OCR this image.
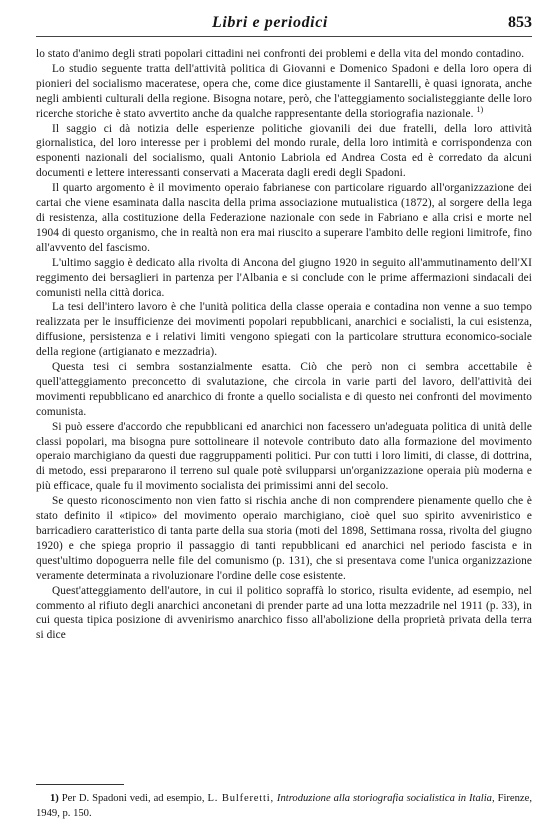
Libri e periodici	853

lo stato d'animo degli strati popolari cittadini nei confronti dei problemi e della vita del mondo contadino.

Lo studio seguente tratta dell'attività politica di Giovanni e Domenico Spadoni e della loro opera di pionieri del socialismo maceratese, opera che, come dice giustamente il Santarelli, è quasi ignorata, anche negli ambienti culturali della regione. Bisogna notare, però, che l'atteggiamento socialisteggiante delle loro ricerche storiche è stato avvertito anche da qualche rappresentante della storiografia nazionale. $^{1)}$

Il saggio ci dà notizia delle esperienze politiche giovanili dei due fratelli, della loro attività giornalistica, del loro interesse per i problemi del mondo rurale, della loro intimità e corrispondenza con esponenti nazionali del socialismo, quali Antonio Labriola ed Andrea Costa ed è corredato da alcuni documenti e lettere interessanti conservati a Macerata dagli eredi degli Spadoni.

Il quarto argomento è il movimento operaio fabrianese con particolare riguardo all'organizzazione dei cartai che viene esaminata dalla nascita della prima associazione mutualistica (1872), al sorgere della lega di resistenza, alla costituzione della Federazione nazionale con sede in Fabriano e alla crisi e morte nel 1904 di questo organismo, che in realtà non era mai riuscito a superare l'ambito delle regioni limitrofe, fino all'avvento del fascismo.

L'ultimo saggio è dedicato alla rivolta di Ancona del giugno 1920 in seguito all'ammutinamento dell'XI reggimento dei bersaglieri in partenza per l'Albania e si conclude con le prime affermazioni sindacali dei comunisti nella città dorica.

La tesi dell'intero lavoro è che l'unità politica della classe operaia e contadina non venne a suo tempo realizzata per le insufficienze dei movimenti popolari repubblicani, anarchici e socialisti, la cui esistenza, diffusione, persistenza e i relativi limiti vengono spiegati con la particolare struttura economico-sociale della regione (artigianato e mezzadria).

Questa tesi ci sembra sostanzialmente esatta. Ciò che però non ci sembra accettabile è quell'atteggiamento preconcetto di svalutazione, che circola in varie parti del lavoro, dell'attività dei movimenti repubblicano ed anarchico di fronte a quello socialista e di questo nei confronti del movimento comunista.

Si può essere d'accordo che repubblicani ed anarchici non facessero un'adeguata politica di unità delle classi popolari, ma bisogna pure sottolineare il notevole contributo dato alla formazione del movimento operaio marchigiano da questi due raggruppamenti politici. Pur con tutti i loro limiti, di classe, di dottrina, di metodo, essi prepararono il terreno sul quale potè svilupparsi un'organizzazione operaia più moderna e più efficace, quale fu il movimento socialista dei primissimi anni del secolo.

Se questo riconoscimento non vien fatto si rischia anche di non comprendere pienamente quello che è stato definito il «tipico» del movimento operaio marchigiano, cioè quel suo spirito avveniristico e barricadiero caratteristico di tanta parte della sua storia (moti del 1898, Settimana rossa, rivolta del giugno 1920) e che spiega proprio il passaggio di tanti repubblicani ed anarchici nel periodo fascista e in quest'ultimo dopoguerra nelle file del comunismo (p. 131), che si presentava come l'unica organizzazione veramente determinata a rivoluzionare l'ordine delle cose esistente.

Quest'atteggiamento dell'autore, in cui il politico sopraffà lo storico, risulta evidente, ad esempio, nel commento al rifiuto degli anarchici anconetani di prender parte ad una lotta mezzadrile nel 1911 (p. 33), in cui questa tipica posizione di avvenirismo anarchico fisso all'abolizione della proprietà privata della terra si dice

1) Per D. Spadoni vedi, ad esempio, L. Bulferetti, Introduzione alla storiografia socialistica in Italia, Firenze, 1949, p. 150.
